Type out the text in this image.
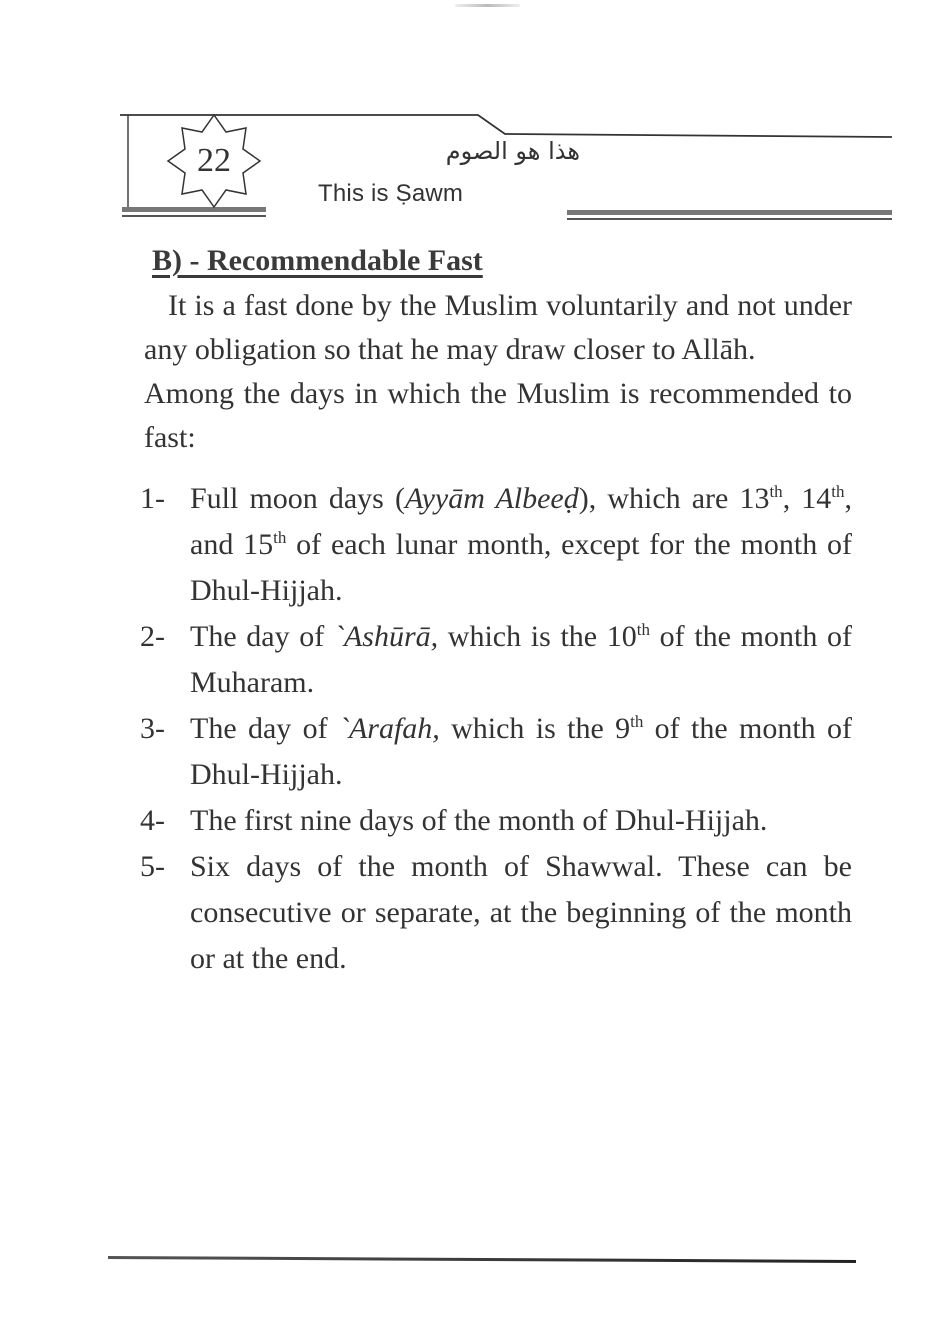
22	هذا هو الصوم
This is Ṣawm
B) - Recommendable Fast

It is a fast done by the Muslim voluntarily and not under any obligation so that he may draw closer to Allāh.

Among the days in which the Muslim is recommended to fast:

1- Full moon days (Ayyām Albeeḍ), which are 13th, 14th, and 15th of each lunar month, except for the month of Dhul-Hijjah.
2- The day of `Ashūrā, which is the 10th of the month of Muharam.
3- The day of `Arafah, which is the 9th of the month of Dhul-Hijjah.
4- The first nine days of the month of Dhul-Hijjah.
5- Six days of the month of Shawwal. These can be consecutive or separate, at the beginning of the month or at the end.
